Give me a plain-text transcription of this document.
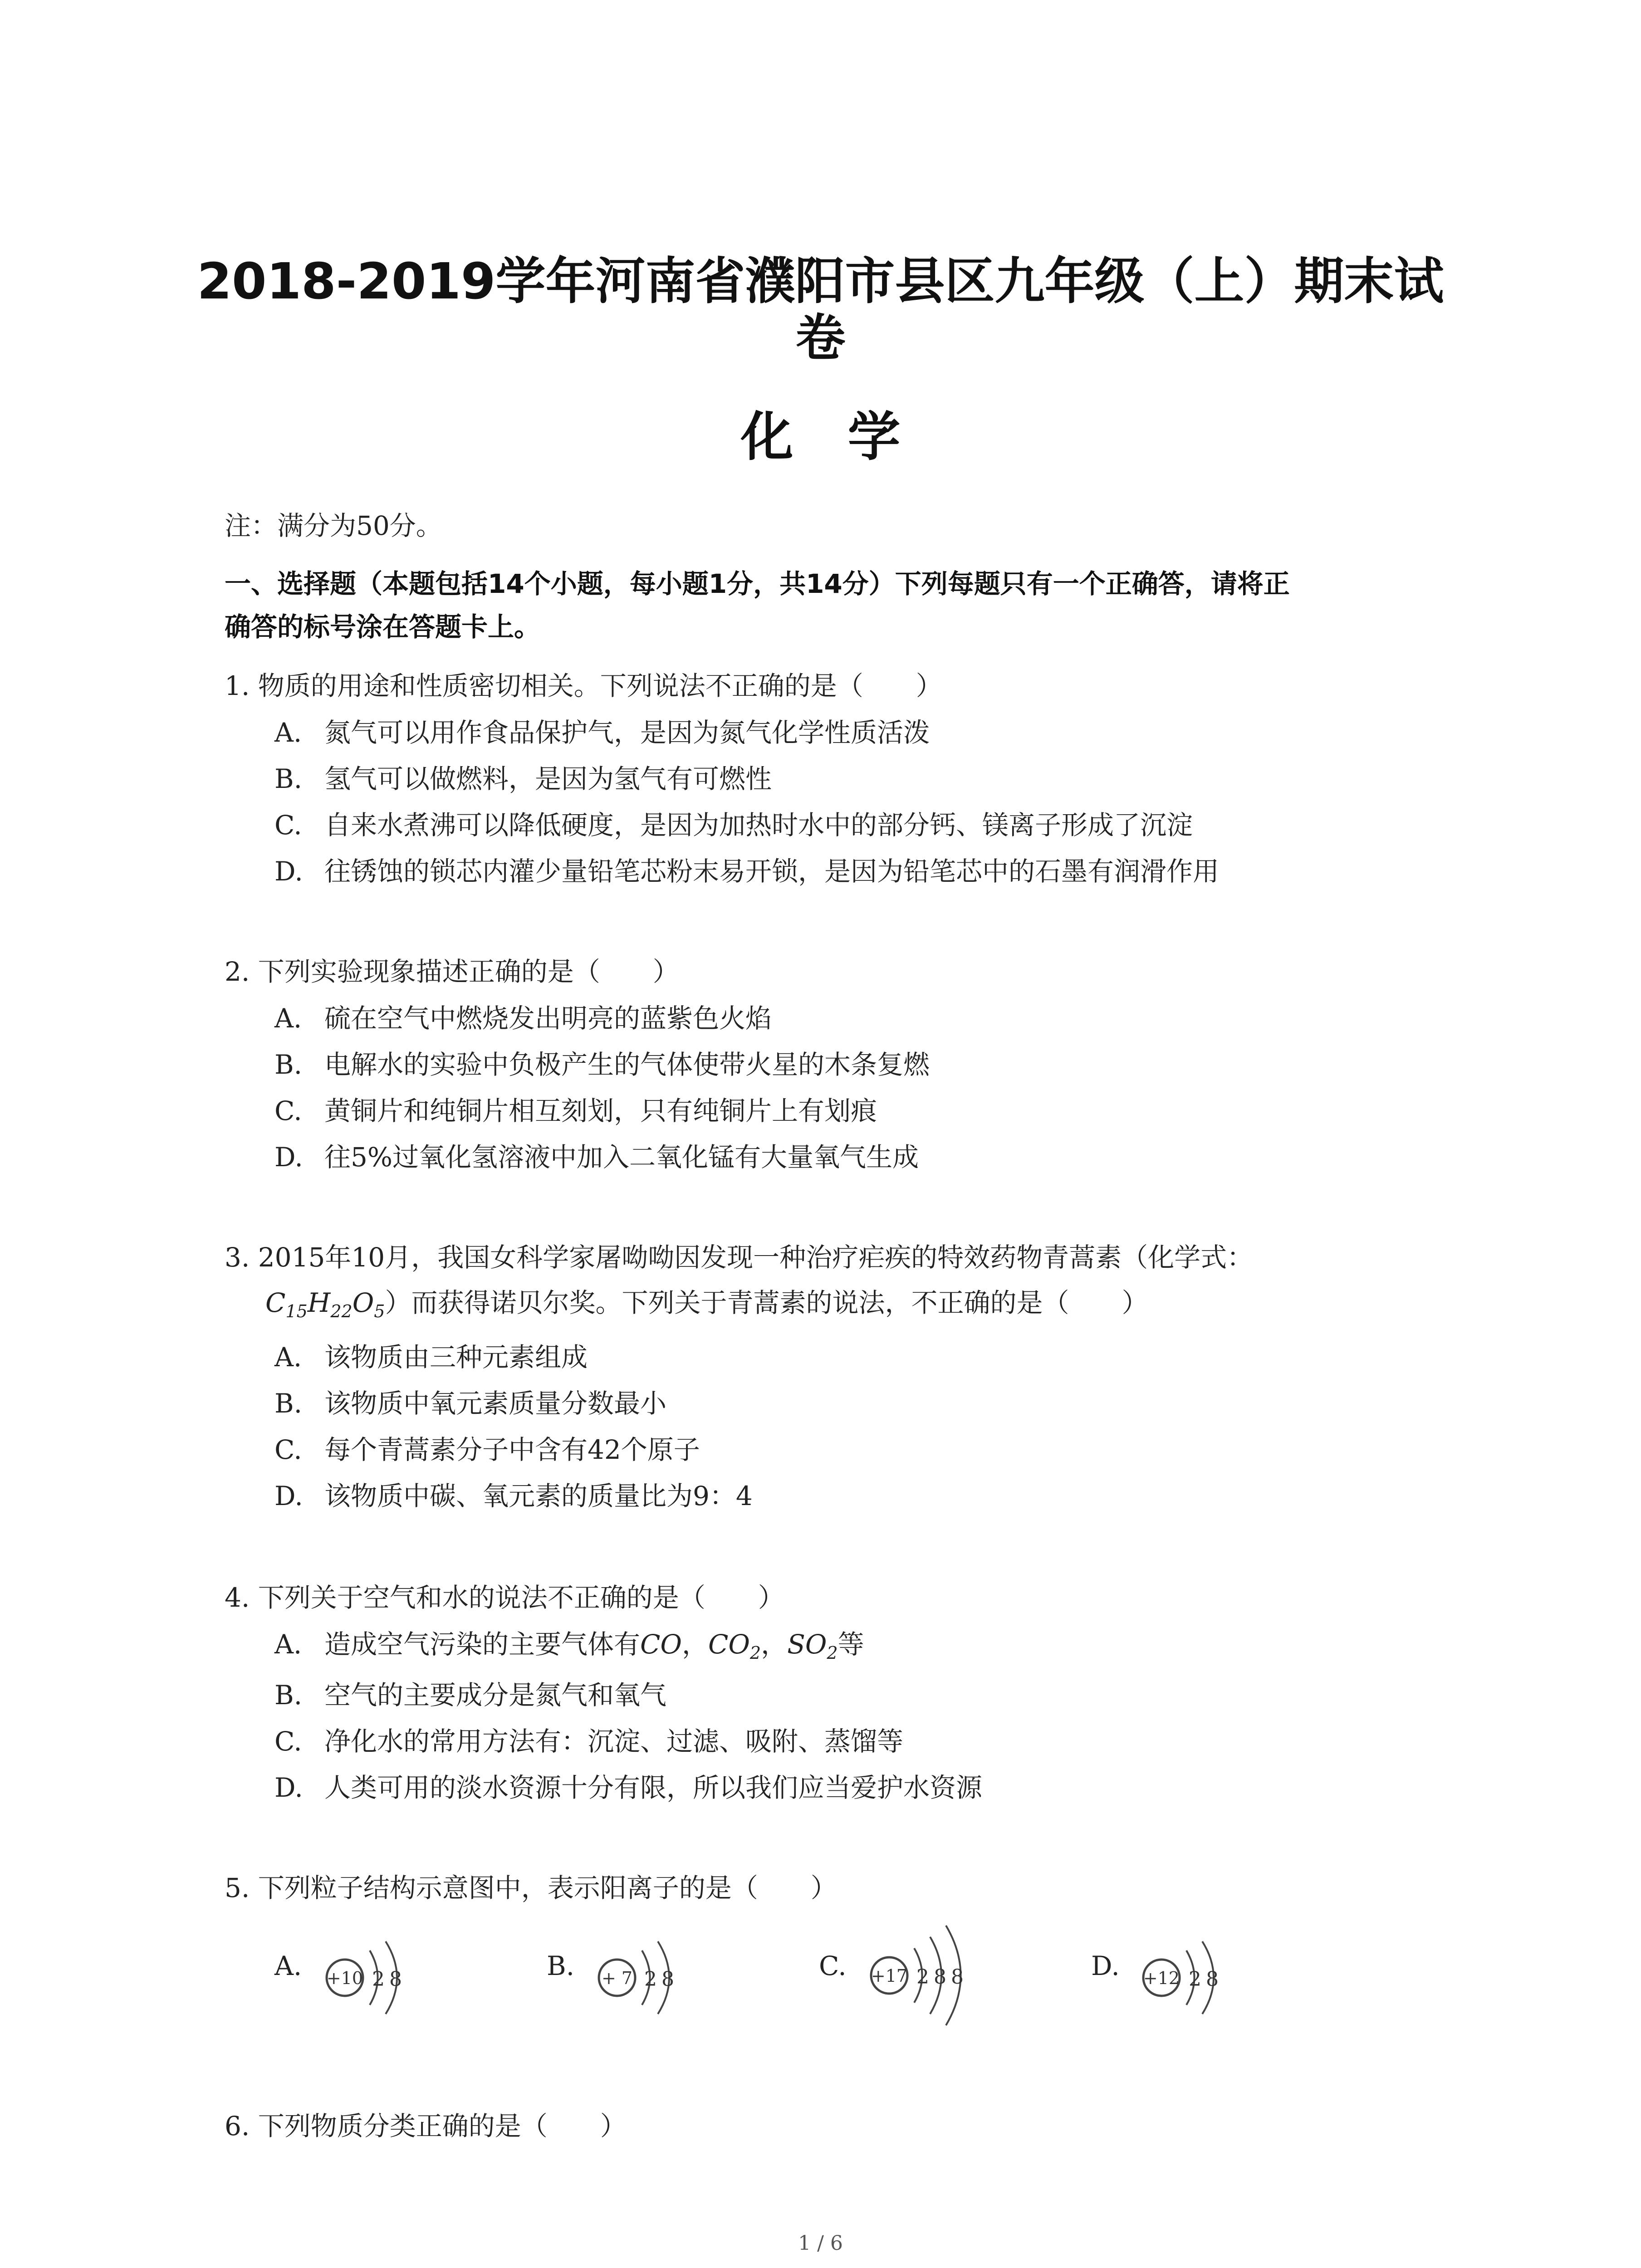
2018-2019学年河南省濮阳市县区九年级（上）期末试
卷
化学
注：满分为50分。
一、选择题（本题包括14个小题，每小题1分，共14分）下列每题只有一个正确答，请将正
确答的标号涂在答题卡上。
1. 物质的用途和性质密切相关。下列说法不正确的是（　　）
A. 氮气可以用作食品保护气，是因为氮气化学性质活泼
B. 氢气可以做燃料，是因为氢气有可燃性
C. 自来水煮沸可以降低硬度，是因为加热时水中的部分钙、镁离子形成了沉淀
D. 往锈蚀的锁芯内灌少量铅笔芯粉末易开锁，是因为铅笔芯中的石墨有润滑作用
2. 下列实验现象描述正确的是（　　）
A. 硫在空气中燃烧发出明亮的蓝紫色火焰
B. 电解水的实验中负极产生的气体使带火星的木条复燃
C. 黄铜片和纯铜片相互刻划，只有纯铜片上有划痕
D. 往5%过氧化氢溶液中加入二氧化锰有大量氧气生成
3. 2015年10月，我国女科学家屠呦呦因发现一种治疗疟疾的特效药物青蒿素（化学式：
$C_{15}H_{22}O_5$）而获得诺贝尔奖。下列关于青蒿素的说法，不正确的是（　　）
A. 该物质由三种元素组成
B. 该物质中氧元素质量分数最小
C. 每个青蒿素分子中含有42个原子
D. 该物质中碳、氧元素的质量比为9：4
4. 下列关于空气和水的说法不正确的是（　　）
A. 造成空气污染的主要气体有CO，$CO_2$，$SO_2$等
B. 空气的主要成分是氮气和氧气
C. 净化水的常用方法有：沉淀、过滤、吸附、蒸馏等
D. 人类可用的淡水资源十分有限，所以我们应当爱护水资源
5. 下列粒子结构示意图中，表示阳离子的是（　　）
A. +10 2 8	B. + 7 2 8	C. +17 2 8 8	D. +12 2 8
6. 下列物质分类正确的是（　　）
1 / 6
